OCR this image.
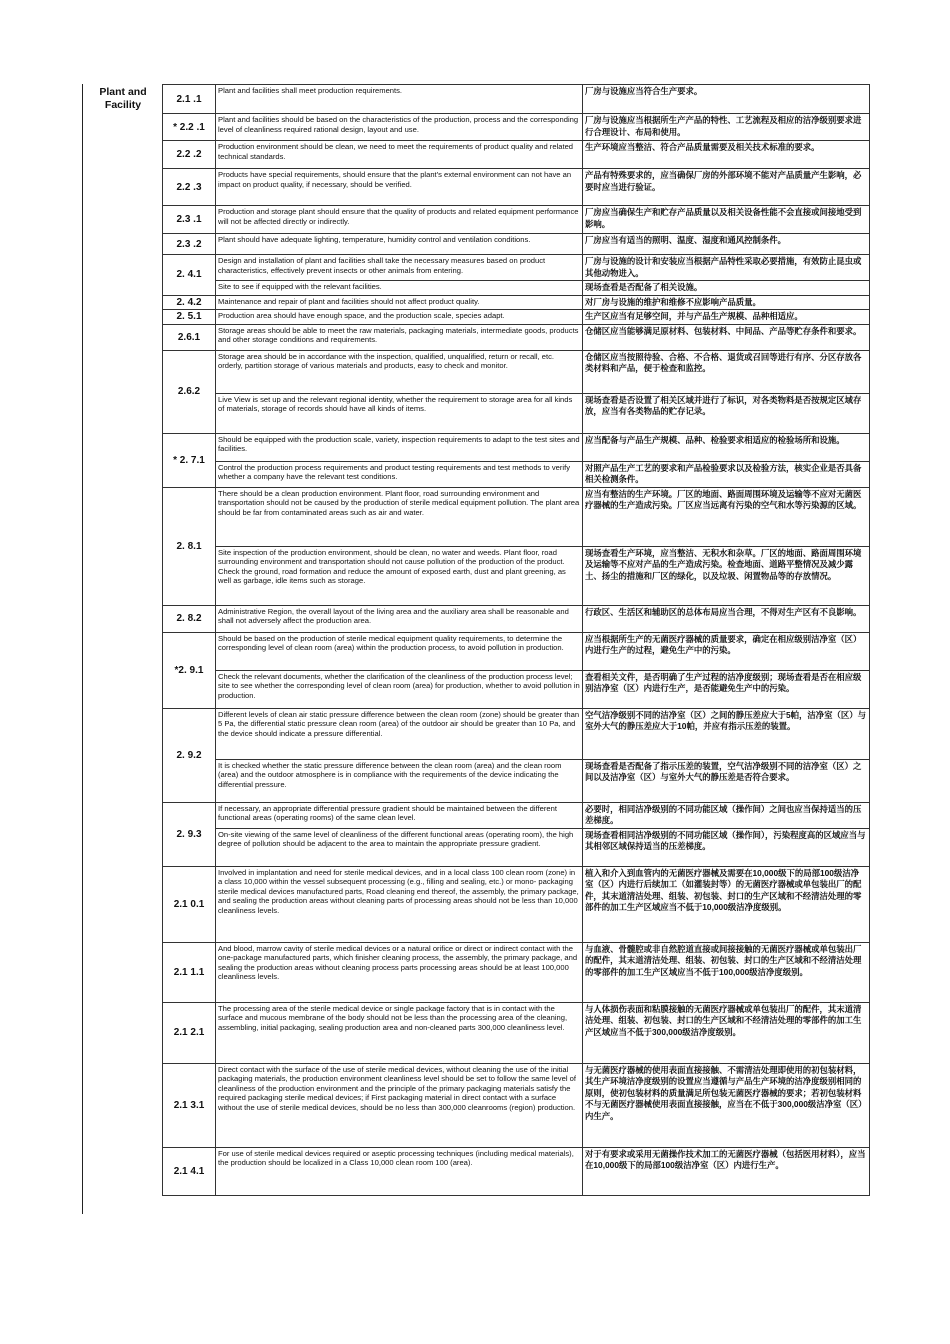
Plant and Facility	2.1 .1	Plant and facilities shall meet production requirements.	厂房与设施应当符合生产要求。
* 2.2 .1	Plant and facilities should be based on the characteristics of the production, process and the corresponding level of cleanliness required rational design, layout and use.	厂房与设施应当根据所生产产品的特性、工艺流程及相应的洁净级别要求进行合理设计、布局和使用。
2.2 .2	Production environment should be clean, we need to meet the requirements of product quality and related technical standards.	生产环境应当整洁、符合产品质量需要及相关技术标准的要求。
2.2 .3	Products have special requirements, should ensure that the plant's external environment can not have an impact on product quality, if necessary, should be verified.	产品有特殊要求的，应当确保厂房的外部环境不能对产品质量产生影响，必要时应当进行验证。
2.3 .1	Production and storage plant should ensure that the quality of products and related equipment performance will not be affected directly or indirectly.	厂房应当确保生产和贮存产品质量以及相关设备性能不会直接或间接地受到影响。
2.3 .2	Plant should have adequate lighting, temperature, humidity control and ventilation conditions.	厂房应当有适当的照明、温度、湿度和通风控制条件。
2. 4.1	Design and installation of plant and facilities shall take the necessary measures based on product characteristics, effectively prevent insects or other animals from entering.	厂房与设施的设计和安装应当根据产品特性采取必要措施，有效防止昆虫或其他动物进入。
	Site to see if equipped with the relevant facilities.	现场查看是否配备了相关设施。
2. 4.2	Maintenance and repair of plant and facilities should not affect product quality.	对厂房与设施的维护和维修不应影响产品质量。
2. 5.1	Production area should have enough space, and the production scale, species adapt.	生产区应当有足够空间，并与产品生产规模、品种相适应。
2.6.1	Storage areas should be able to meet the raw materials, packaging materials, intermediate goods, products and other storage conditions and requirements.	仓储区应当能够满足原材料、包装材料、中间品、产品等贮存条件和要求。
2.6.2	Storage area should be in accordance with the inspection, qualified, unqualified, return or recall, etc. orderly, partition storage of various materials and products, easy to check and monitor.	仓储区应当按照待验、合格、不合格、退货或召回等进行有序、分区存放各类材料和产品，便于检查和监控。
	Live View is set up and the relevant regional identity, whether the requirement to storage area for all kinds of materials, storage of records should have all kinds of items.	现场查看是否设置了相关区域并进行了标识，对各类物料是否按规定区域存放，应当有各类物品的贮存记录。
* 2. 7.1	Should be equipped with the production scale, variety, inspection requirements to adapt to the test sites and facilities.	应当配备与产品生产规模、品种、检验要求相适应的检验场所和设施。
	Control the production process requirements and product testing requirements and test methods to verify whether a company have the relevant test conditions.	对照产品生产工艺的要求和产品检验要求以及检验方法，核实企业是否具备相关检测条件。
2. 8.1	There should be a clean production environment. Plant floor, road surrounding environment and transportation should not be caused by the production of sterile medical equipment pollution. The plant area should be far from contaminated areas such as air and water.	应当有整洁的生产环境。厂区的地面、路面周围环境及运输等不应对无菌医疗器械的生产造成污染。厂区应当远离有污染的空气和水等污染源的区域。
	Site inspection of the production environment, should be clean, no water and weeds. Plant floor, road surrounding environment and transportation should not cause pollution of the production of the product. Check the ground, road formation and reduce the amount of exposed earth, dust and plant greening, as well as garbage, idle items such as storage.	现场查看生产环境，应当整洁、无积水和杂草。厂区的地面、路面周围环境及运输等不应对产品的生产造成污染。检查地面、道路平整情况及减少露土、扬尘的措施和厂区的绿化，以及垃圾、闲置物品等的存放情况。
2. 8.2	Administrative Region, the overall layout of the living area and the auxiliary area shall be reasonable and shall not adversely affect the production area.	行政区、生活区和辅助区的总体布局应当合理，不得对生产区有不良影响。
*2. 9.1	Should be based on the production of sterile medical equipment quality requirements, to determine the corresponding level of clean room (area) within the production process, to avoid pollution in production.	应当根据所生产的无菌医疗器械的质量要求，确定在相应级别洁净室（区）内进行生产的过程，避免生产中的污染。
	Check the relevant documents, whether the clarification of the cleanliness of the production process level; site to see whether the corresponding level of clean room (area) for production, whether to avoid pollution in production.	查看相关文件，是否明确了生产过程的洁净度级别；现场查看是否在相应级别洁净室（区）内进行生产，是否能避免生产中的污染。
2. 9.2	Different levels of clean air static pressure difference between the clean room (zone) should be greater than 5 Pa, the differential static pressure clean room (area) of the outdoor air should be greater than 10 Pa, and the device should indicate a pressure differential.	空气洁净级别不同的洁净室（区）之间的静压差应大于5帕，洁净室（区）与室外大气的静压差应大于10帕，并应有指示压差的装置。
	It is checked whether the static pressure difference between the clean room (area) and the clean room (area) and the outdoor atmosphere is in compliance with the requirements of the device indicating the differential pressure.	现场查看是否配备了指示压差的装置，空气洁净级别不同的洁净室（区）之间以及洁净室（区）与室外大气的静压差是否符合要求。
2. 9.3	If necessary, an appropriate differential pressure gradient should be maintained between the different functional areas (operating rooms) of the same clean level.	必要时，相同洁净级别的不同功能区域（操作间）之间也应当保持适当的压差梯度。
	On-site viewing of the same level of cleanliness of the different functional areas (operating room), the high degree of pollution should be adjacent to the area to maintain the appropriate pressure gradient.	现场查看相同洁净级别的不同功能区域（操作间），污染程度高的区域应当与其相邻区域保持适当的压差梯度。
2.1 0.1	Involved in implantation and need for sterile medical devices, and in a local class 100 clean room (zone) in a class 10,000 within the vessel subsequent processing (e.g., filling and sealing, etc.) or mono- packaging sterile medical devices manufactured parts, Road cleaning end thereof, the assembly, the primary package, and sealing the production areas without cleaning parts of processing areas should not be less than 10,000 cleanliness levels.	植入和介入到血管内的无菌医疗器械及需要在10,000级下的局部100级洁净室（区）内进行后续加工（如灌装封等）的无菌医疗器械或单包装出厂的配件，其末道清洁处理、组装、初包装、封口的生产区域和不经清洁处理的零部件的加工生产区域应当不低于10,000级洁净度级别。
2.1 1.1	And blood, marrow cavity of sterile medical devices or a natural orifice or direct or indirect contact with the one-package manufactured parts, which finisher cleaning process, the assembly, the primary package, and sealing the production areas without cleaning process parts processing areas should be at least 100,000 cleanliness levels.	与血液、骨髓腔或非自然腔道直接或间接接触的无菌医疗器械或单包装出厂的配件，其末道清洁处理、组装、初包装、封口的生产区域和不经清洁处理的零部件的加工生产区域应当不低于100,000级洁净度级别。
2.1 2.1	The processing area of the sterile medical device or single package factory that is in contact with the surface and mucous membrane of the body should not be less than the processing area of the cleaning, assembling, initial packaging, sealing production area and non-cleaned parts 300,000 cleanliness level.	与人体损伤表面和粘膜接触的无菌医疗器械或单包装出厂的配件，其末道清洁处理、组装、初包装、封口的生产区域和不经清洁处理的零部件的加工生产区域应当不低于300,000级洁净度级别。
2.1 3.1	Direct contact with the surface of the use of sterile medical devices, without cleaning the use of the initial packaging materials, the production environment cleanliness level should be set to follow the same level of cleanliness of the production environment and the principle of the primary packaging materials satisfy the required packaging sterile medical devices; if First packaging material in direct contact with a surface without the use of sterile medical devices, should be no less than 300,000 cleanrooms (region) production.	与无菌医疗器械的使用表面直接接触、不需清洁处理即使用的初包装材料，其生产环境洁净度级别的设置应当遵循与产品生产环境的洁净度级别相同的原则，使初包装材料的质量满足所包装无菌医疗器械的要求；若初包装材料不与无菌医疗器械使用表面直接接触，应当在不低于300,000级洁净室（区）内生产。
2.1 4.1	For use of sterile medical devices required or aseptic processing techniques (including medical materials), the production should be localized in a Class 10,000 clean room 100 (area).	对于有要求或采用无菌操作技术加工的无菌医疗器械（包括医用材料），应当在10,000级下的局部100级洁净室（区）内进行生产。
